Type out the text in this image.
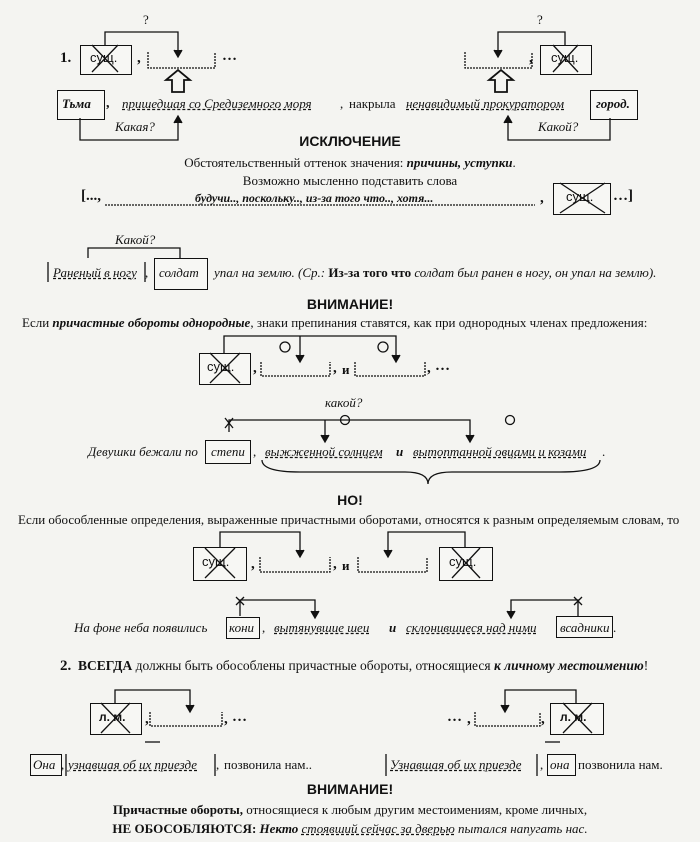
1.
?	?
сущ. ,	…	сущ.
,
Тьма , пришедшая со Средиземного моря , накрыла ненавидимый прокуратором город.
Какая?	Какой?
ИСКЛЮЧЕНИЕ
Обстоятельственный оттенок значения: причины, уступки.
Возможно мысленно подставить слова
будучи.., поскольку.., из-за того что.., хотя...
[...,	, сущ. …]
Какой?
Раненый в ногу , солдат упал на землю. (Ср.: Из-за того что солдат был ранен в ногу, он упал на землю).
ВНИМАНИЕ!
Если причастные обороты однородные, знаки препинания ставятся, как при однородных членах предложения:
сущ. ,	, и	, …
какой?
Девушки бежали по степи , выжженной солнцем и вытоптанной овцами и козами .
НО!
Если обособленные определения, выраженные причастными оборотами, относятся к разным определяемым словам, то
сущ. ,	, и	сущ.
На фоне неба появились кони , вытянувшие шеи и склонившиеся над ними всадники .
2. ВСЕГДА должны быть обособлены причастные обороты, относящиеся к личному местоимению!
л. м. ,	, …	… ,	, л. м.
Она , узнавшая об их приезде , позвонила нам..	Узнавшая об их приезде , она позвонила нам.
ВНИМАНИЕ!
Причастные обороты, относящиеся к любым другим местоимениям, кроме личных,
НЕ ОБОСОБЛЯЮТСЯ: Некто стоявший сейчас за дверью пытался напугать нас.
